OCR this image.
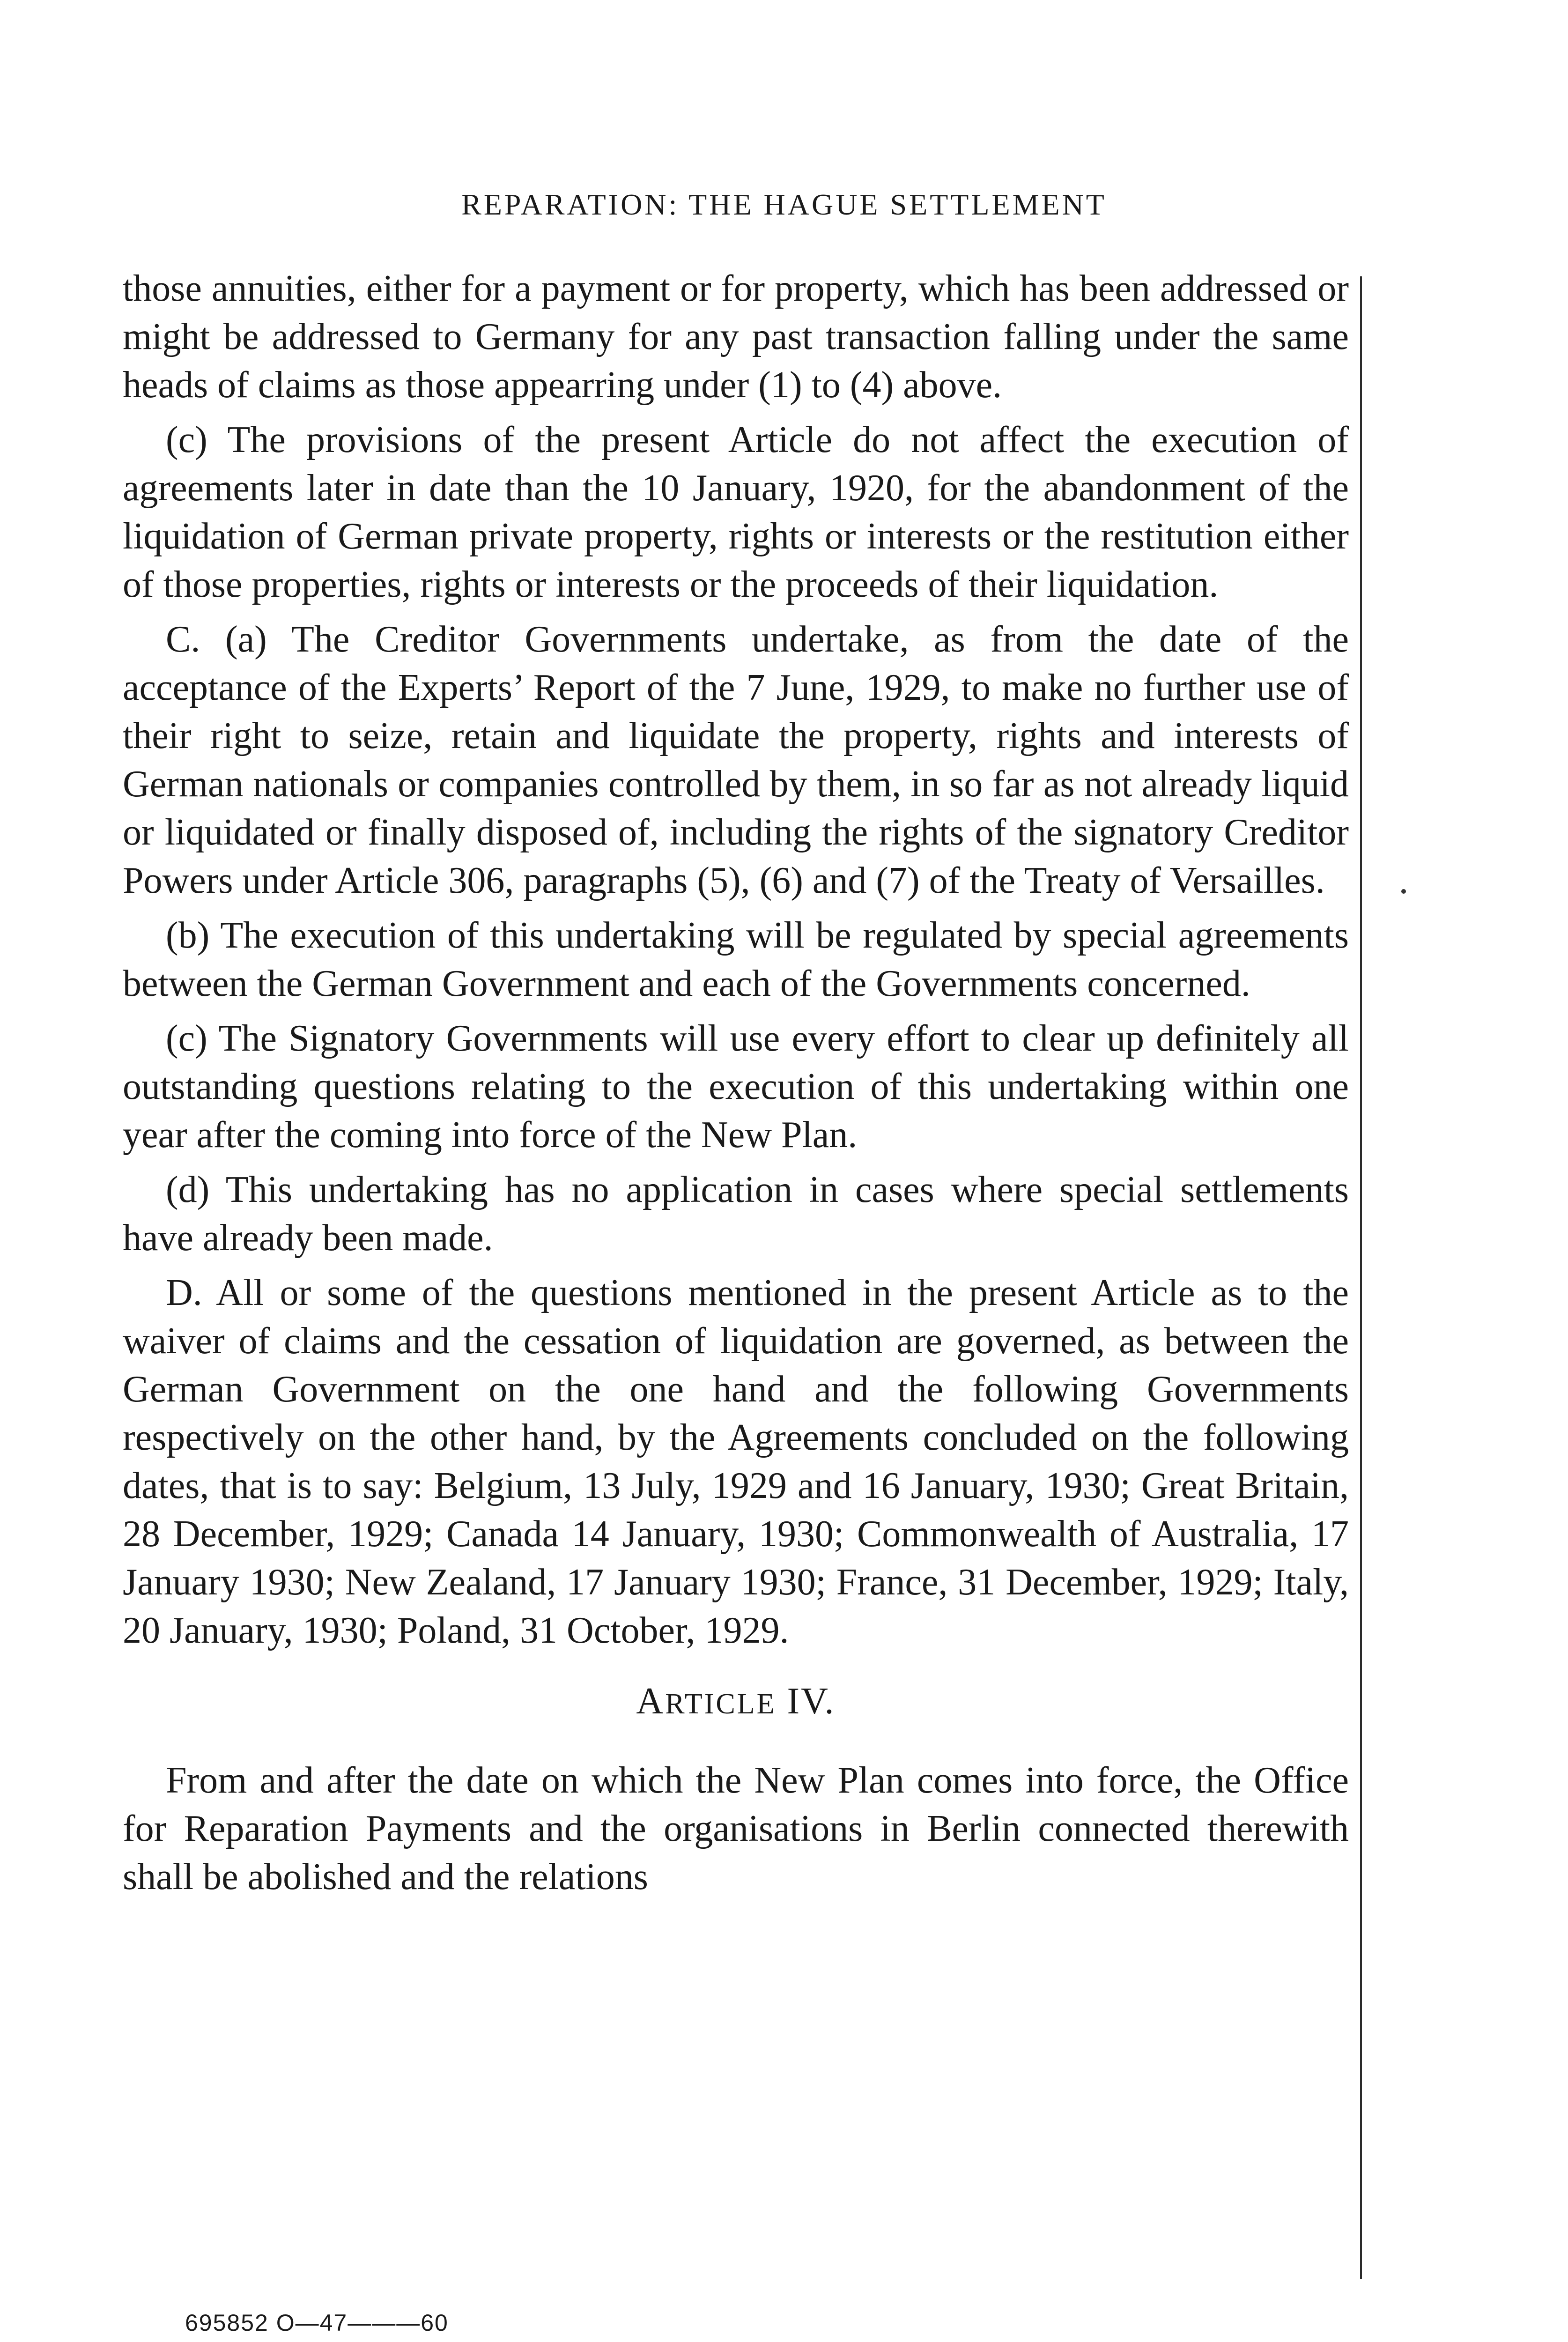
REPARATION: THE HAGUE SETTLEMENT

those annuities, either for a payment or for property, which has been addressed or might be addressed to Germany for any past transaction falling under the same heads of claims as those appearring under (1) to (4) above.

(c) The provisions of the present Article do not affect the execution of agreements later in date than the 10 January, 1920, for the abandonment of the liquidation of German private property, rights or interests or the restitution either of those properties, rights or interests or the proceeds of their liquidation.

C. (a) The Creditor Governments undertake, as from the date of the acceptance of the Experts’ Report of the 7 June, 1929, to make no further use of their right to seize, retain and liquidate the property, rights and interests of German nationals or companies controlled by them, in so far as not already liquid or liquidated or finally disposed of, including the rights of the signatory Creditor Powers under Article 306, paragraphs (5), (6) and (7) of the Treaty of Versailles.

(b) The execution of this undertaking will be regulated by special agreements between the German Government and each of the Governments concerned.

(c) The Signatory Governments will use every effort to clear up definitely all outstanding questions relating to the execution of this undertaking within one year after the coming into force of the New Plan.

(d) This undertaking has no application in cases where special settlements have already been made.

D. All or some of the questions mentioned in the present Article as to the waiver of claims and the cessation of liquidation are governed, as between the German Government on the one hand and the following Governments respectively on the other hand, by the Agreements concluded on the following dates, that is to say: Belgium, 13 July, 1929 and 16 January, 1930; Great Britain, 28 December, 1929; Canada 14 January, 1930; Commonwealth of Australia, 17 January 1930; New Zealand, 17 January 1930; France, 31 December, 1929; Italy, 20 January, 1930; Poland, 31 October, 1929.

ARTICLE IV.

From and after the date on which the New Plan comes into force, the Office for Reparation Payments and the organisations in Berlin connected therewith shall be abolished and the relations

695852 O—47———60
